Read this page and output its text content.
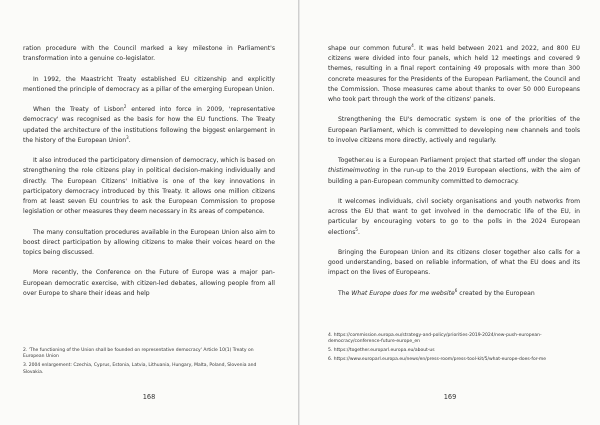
ration procedure with the Council marked a key milestone in Parliament's transformation into a genuine co-legislator.

In 1992, the Maastricht Treaty established EU citizenship and explicitly mentioned the principle of democracy as a pillar of the emerging European Union.

When the Treaty of Lisbon$^2$ entered into force in 2009, 'representative democracy' was recognised as the basis for how the EU functions. The Treaty updated the architecture of the institutions following the biggest enlargement in the history of the European Union$^3$.

It also introduced the participatory dimension of democracy, which is based on strengthening the role citizens play in political decision-making individually and directly. The European Citizens' Initiative is one of the key innovations in participatory democracy introduced by this Treaty. It allows one million citizens from at least seven EU countries to ask the European Commission to propose legislation or other measures they deem necessary in its areas of competence.

The many consultation procedures available in the European Union also aim to boost direct participation by allowing citizens to make their voices heard on the topics being discussed.

More recently, the Conference on the Future of Europe was a major pan-European democratic exercise, with citizen-led debates, allowing people from all over Europe to share their ideas and help

2. 'The functioning of the Union shall be founded on representative democracy' Article 10(1) Treaty on European Union

3. 2004 enlargement: Czechia, Cyprus, Estonia, Latvia, Lithuania, Hungary, Malta, Poland, Slovenia and Slovakia.

168

shape our common future$^4$. It was held between 2021 and 2022, and 800 EU citizens were divided into four panels, which held 12 meetings and covered 9 themes, resulting in a final report containing 49 proposals with more than 300 concrete measures for the Presidents of the European Parliament, the Council and the Commission. Those measures came about thanks to over 50 000 Europeans who took part through the work of the citizens' panels.

Strengthening the EU's democratic system is one of the priorities of the European Parliament, which is committed to developing new channels and tools to involve citizens more directly, actively and regularly.

Together.eu is a European Parliament project that started off under the slogan thistimeimvoting in the run-up to the 2019 European elections, with the aim of building a pan-European community committed to democracy.

It welcomes individuals, civil society organisations and youth networks from across the EU that want to get involved in the democratic life of the EU, in particular by encouraging voters to go to the polls in the 2024 European elections$^5$.

Bringing the European Union and its citizens closer together also calls for a good understanding, based on reliable information, of what the EU does and its impact on the lives of Europeans.

The What Europe does for me website$^6$ created by the European

4. https://commission.europa.eu/strategy-and-policy/priorities-2019-2024/new-push-european-democracy/conference-future-europe_en

5. https://together.europarl.europa.eu/about-us

6. https://www.europarl.europa.eu/news/en/press-room/press-tool-kit/5/what-europe-does-for-me

169
